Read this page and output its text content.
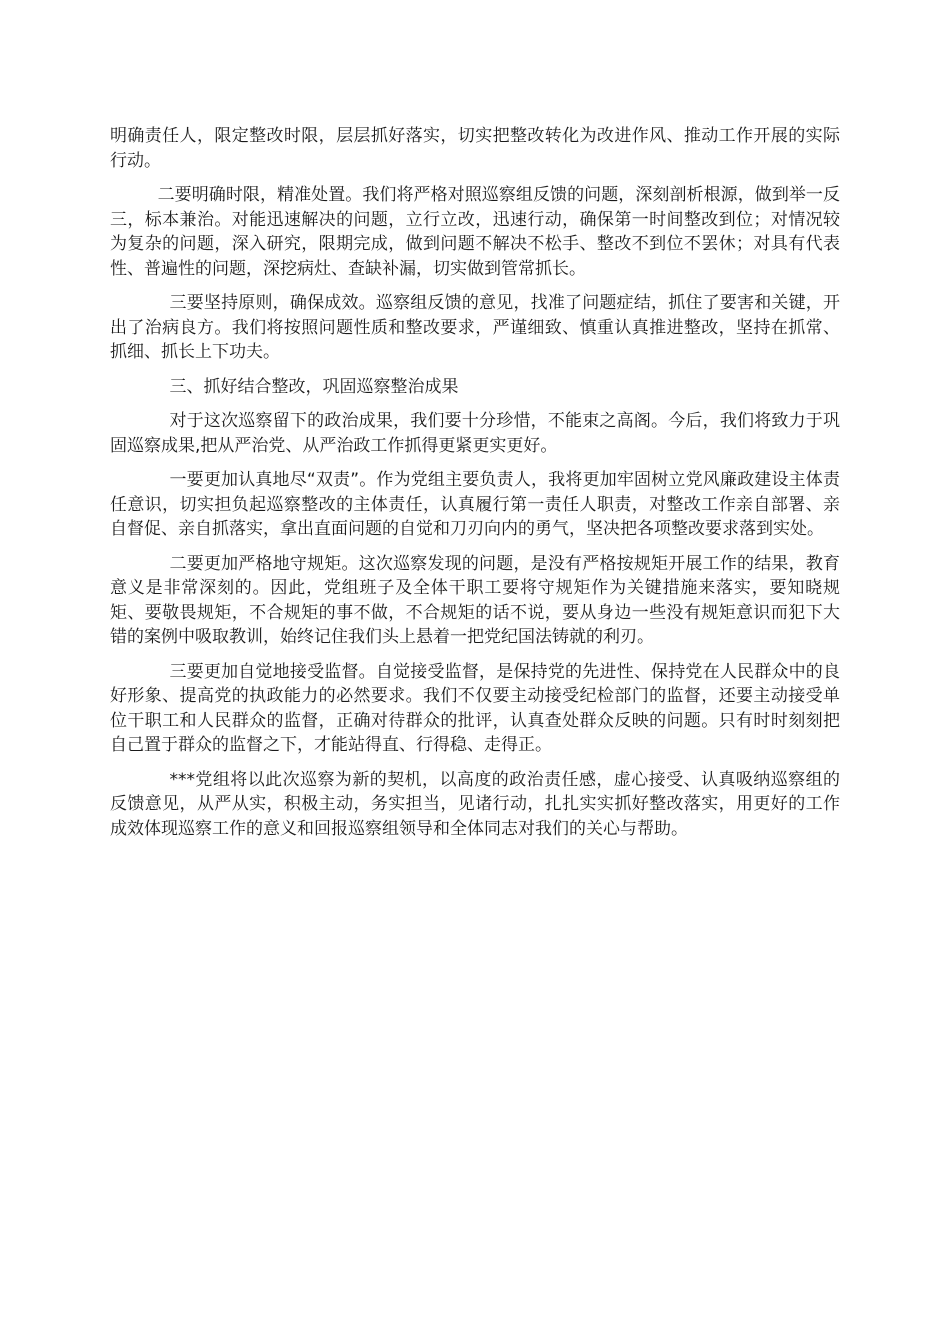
明确责任人，限定整改时限，层层抓好落实，切实把整改转化为改进作风、推动工作开展的实际行动。

二要明确时限，精准处置。我们将严格对照巡察组反馈的问题，深刻剖析根源，做到举一反三，标本兼治。对能迅速解决的问题，立行立改，迅速行动，确保第一时间整改到位；对情况较为复杂的问题，深入研究，限期完成，做到问题不解决不松手、整改不到位不罢休；对具有代表性、普遍性的问题，深挖病灶、查缺补漏，切实做到管常抓长。

三要坚持原则，确保成效。巡察组反馈的意见，找准了问题症结，抓住了要害和关键，开出了治病良方。我们将按照问题性质和整改要求，严谨细致、慎重认真推进整改，坚持在抓常、抓细、抓长上下功夫。

三、抓好结合整改，巩固巡察整治成果

对于这次巡察留下的政治成果，我们要十分珍惜，不能束之高阁。今后，我们将致力于巩固巡察成果,把从严治党、从严治政工作抓得更紧更实更好。

一要更加认真地尽“双责”。作为党组主要负责人，我将更加牢固树立党风廉政建设主体责任意识，切实担负起巡察整改的主体责任，认真履行第一责任人职责，对整改工作亲自部署、亲自督促、亲自抓落实，拿出直面问题的自觉和刀刃向内的勇气，坚决把各项整改要求落到实处。

二要更加严格地守规矩。这次巡察发现的问题，是没有严格按规矩开展工作的结果，教育意义是非常深刻的。因此，党组班子及全体干职工要将守规矩作为关键措施来落实，要知晓规矩、要敬畏规矩，不合规矩的事不做，不合规矩的话不说，要从身边一些没有规矩意识而犯下大错的案例中吸取教训，始终记住我们头上悬着一把党纪国法铸就的利刃。

三要更加自觉地接受监督。自觉接受监督，是保持党的先进性、保持党在人民群众中的良好形象、提高党的执政能力的必然要求。我们不仅要主动接受纪检部门的监督，还要主动接受单位干职工和人民群众的监督，正确对待群众的批评，认真查处群众反映的问题。只有时时刻刻把自己置于群众的监督之下，才能站得直、行得稳、走得正。

***党组将以此次巡察为新的契机，以高度的政治责任感，虚心接受、认真吸纳巡察组的反馈意见，从严从实，积极主动，务实担当，见诸行动，扎扎实实抓好整改落实，用更好的工作成效体现巡察工作的意义和回报巡察组领导和全体同志对我们的关心与帮助。
